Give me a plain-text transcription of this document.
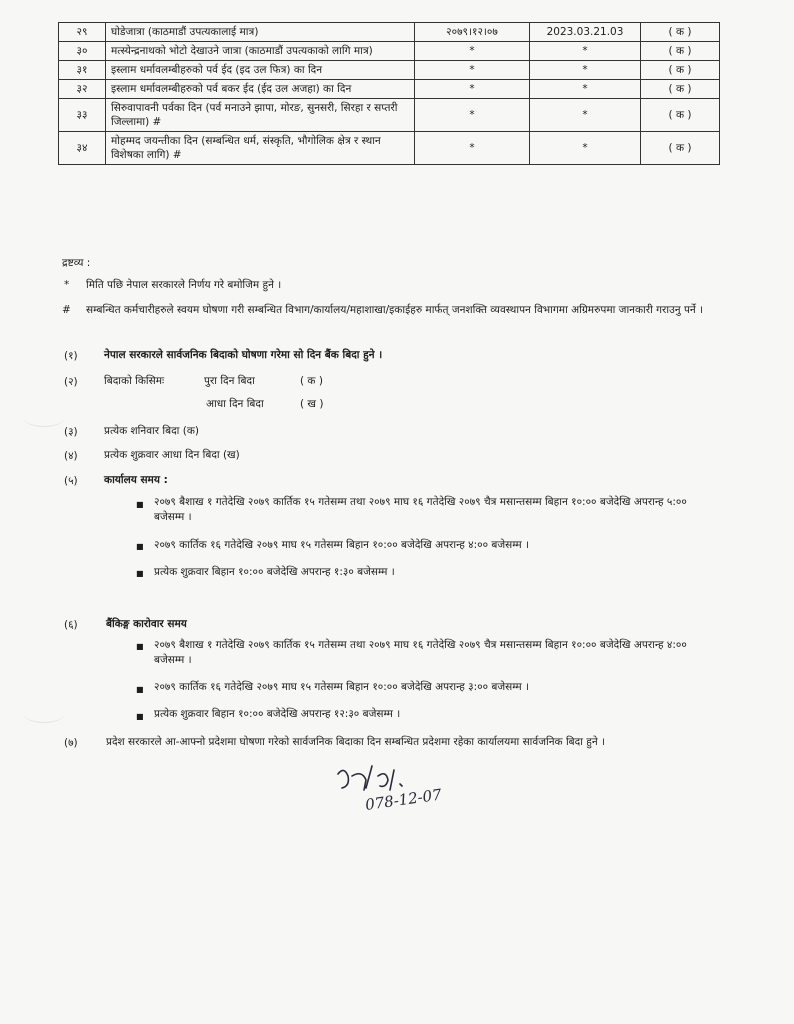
२९	घोडेजात्रा (काठमाडौं उपत्यकालाई मात्र)	२०७९।१२।०७	2023.03.21.03	( क )
३०	मत्स्येन्द्रनाथको भोटो देखाउने जात्रा (काठमाडौं उपत्यकाको लागि मात्र)	*	*	( क )
३१	इस्लाम धर्मावलम्बीहरुको पर्व ईद (इद उल फित्र) का दिन	*	*	( क )
३२	इस्लाम धर्मावलम्बीहरुको पर्व बकर ईद (ईद उल अजहा) का दिन	*	*	( क )
३३	सिरुवापावनी पर्वका दिन (पर्व मनाउने झापा, मोरङ, सुनसरी, सिरहा र सप्तरी जिल्लामा) #	*	*	( क )
३४	मोहम्मद जयन्तीका दिन (सम्बन्धित धर्म, संस्कृति, भौगोलिक क्षेत्र र स्थान विशेषका लागि) #	*	*	( क )
द्रष्टव्य :
* मिति पछि नेपाल सरकारले निर्णय गरे बमोजिम हुने ।
# सम्बन्धित कर्मचारीहरुले स्वयम घोषणा गरी सम्बन्धित विभाग/कार्यालय/महाशाखा/इकाईहरु मार्फत् जनशक्ति व्यवस्थापन विभागमा अग्रिमरुपमा जानकारी गराउनु पर्ने ।
(१)	नेपाल सरकारले सार्वजनिक बिदाको घोषणा गरेमा सो दिन बैंक बिदा हुने ।
(२)	बिदाको किसिमः	पुरा दिन बिदा	( क )
आधा दिन बिदा	( ख )
(३)	प्रत्येक शनिवार बिदा (क)
(४)	प्रत्येक शुक्रवार आधा दिन बिदा (ख)
(५)	कार्यालय समय :
■ २०७९ बैशाख १ गतेदेखि २०७९ कार्तिक १५ गतेसम्म तथा २०७९ माघ १६ गतेदेखि २०७९ चैत्र मसान्तसम्म बिहान १०:०० बजेदेखि अपरान्ह ५:०० बजेसम्म ।
■ २०७९ कार्तिक १६ गतेदेखि २०७९ माघ १५ गतेसम्म बिहान १०:०० बजेदेखि अपरान्ह ४:०० बजेसम्म ।
■ प्रत्येक शुक्रवार बिहान १०:०० बजेदेखि अपरान्ह १:३० बजेसम्म ।
(६)	बैंकिङ्ग कारोवार समय
■ २०७९ बैशाख १ गतेदेखि २०७९ कार्तिक १५ गतेसम्म तथा २०७९ माघ १६ गतेदेखि २०७९ चैत्र मसान्तसम्म बिहान १०:०० बजेदेखि अपरान्ह ४:०० बजेसम्म ।
■ २०७९ कार्तिक १६ गतेदेखि २०७९ माघ १५ गतेसम्म बिहान १०:०० बजेदेखि अपरान्ह ३:०० बजेसम्म ।
■ प्रत्येक शुक्रवार बिहान १०:०० बजेदेखि अपरान्ह १२:३० बजेसम्म ।
(७)	प्रदेश सरकारले आ-आफ्नो प्रदेशमा घोषणा गरेको सार्वजनिक बिदाका दिन सम्बन्धित प्रदेशमा रहेका कार्यालयमा सार्वजनिक बिदा हुने ।
078-12-07
